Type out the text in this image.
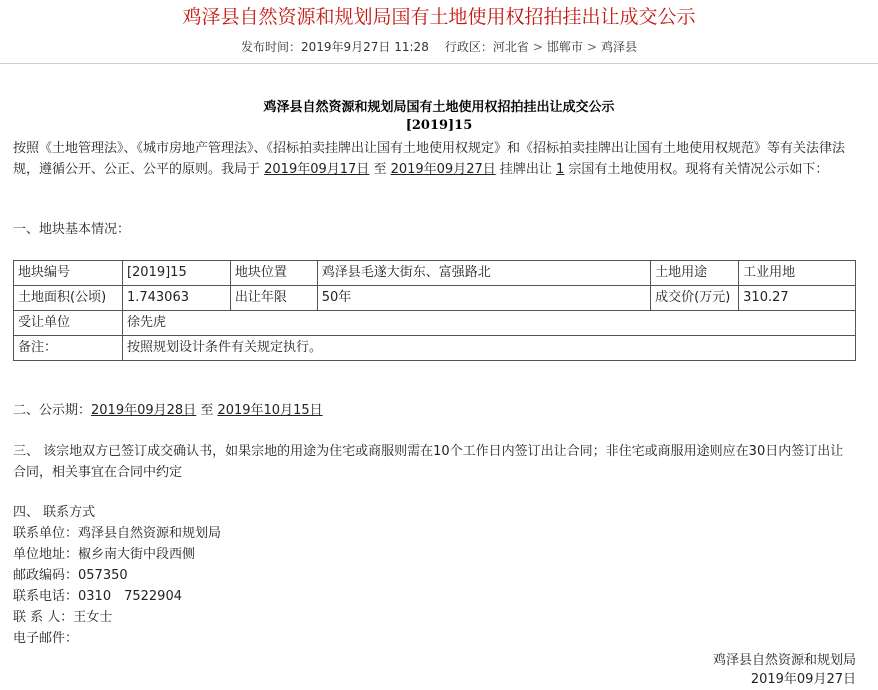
鸡泽县自然资源和规划局国有土地使用权招拍挂出让成交公示
发布时间：2019年9月27日 11:28 行政区：河北省 > 邯郸市 > 鸡泽县
鸡泽县自然资源和规划局国有土地使用权招拍挂出让成交公示
[2019]15
按照《土地管理法》、《城市房地产管理法》、《招标拍卖挂牌出让国有土地使用权规定》和《招标拍卖挂牌出让国有土地使用权规范》等有关法律法规，遵循公开、公正、公平的原则。我局于 2019年09月17日 至 2019年09月27日 挂牌出让 1 宗国有土地使用权。现将有关情况公示如下：
一、地块基本情况：
地块编号	[2019]15	地块位置	鸡泽县毛遂大街东、富强路北	土地用途	工业用地
土地面积(公顷)	1.743063	出让年限	50年	成交价(万元)	310.27
受让单位	徐先虎				
备注：	按照规划设计条件有关规定执行。				
二、公示期：2019年09月28日 至 2019年10月15日
三、 该宗地双方已签订成交确认书，如果宗地的用途为住宅或商服则需在10个工作日内签订出让合同；非住宅或商服用途则应在30日内签订出让合同，相关事宜在合同中约定
四、 联系方式
联系单位：鸡泽县自然资源和规划局
单位地址：椒乡南大街中段西侧
邮政编码：057350
联系电话：0310　7522904
联 系 人：王女士
电子邮件：
鸡泽县自然资源和规划局
2019年09月27日
